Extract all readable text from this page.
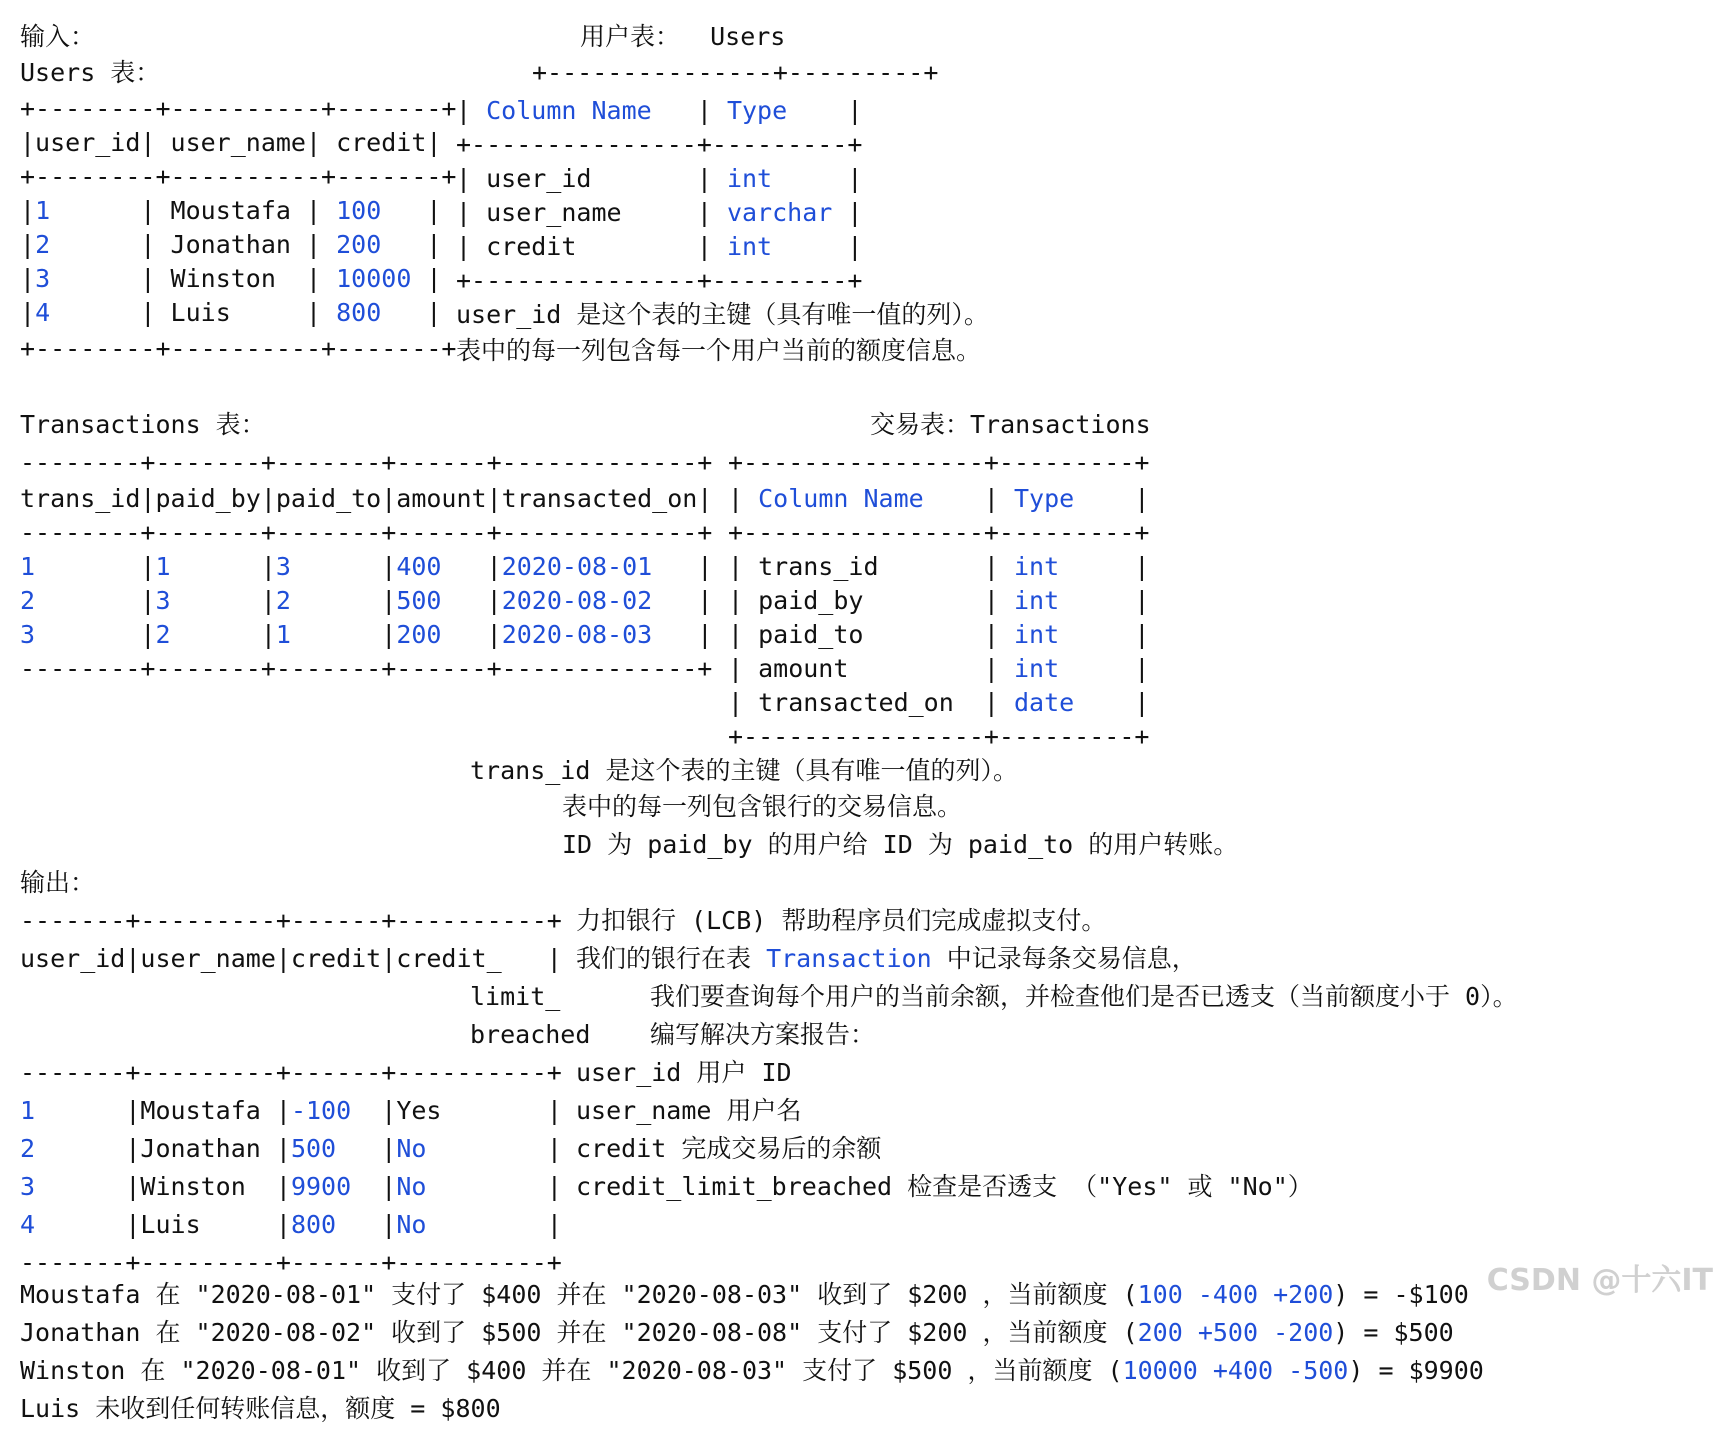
输入：

Users 表：

+--------+----------+-------+

|user_id| user_name| credit|

+--------+----------+-------+

|1      | Moustafa | 100   |

|2      | Jonathan | 200   |

|3      | Winston  | 10000 |

|4      | Luis     | 800   |

+--------+----------+-------+

用户表：  Users

+---------------+---------+

| Column Name   | Type    |

+---------------+---------+

| user_id       | int     |

| user_name     | varchar |

| credit        | int     |

+---------------+---------+

user_id 是这个表的主键（具有唯一值的列）。

表中的每一列包含每一个用户当前的额度信息。

Transactions 表：	交易表：Transactions

--------+-------+-------+------+-------------+

trans_id|paid_by|paid_to|amount|transacted_on|

--------+-------+-------+------+-------------+

1       |1      |3      |400   |2020-08-01   |

2       |3      |2      |500   |2020-08-02   |

3       |2      |1      |200   |2020-08-03   |

--------+-------+-------+------+-------------+

+----------------+---------+

| Column Name    | Type    |

+----------------+---------+

| trans_id       | int     |

| paid_by        | int     |

| paid_to        | int     |

| amount         | int     |

| transacted_on  | date    |

+----------------+---------+

trans_id 是这个表的主键（具有唯一值的列）。

表中的每一列包含银行的交易信息。

ID 为 paid_by 的用户给 ID 为 paid_to 的用户转账。

输出：

-------+---------+------+----------+

user_id|user_name|credit|credit_   |

limit_

breached

-------+---------+------+----------+

1      |Moustafa |-100  |Yes       |

2      |Jonathan |500   |No        |

3      |Winston  |9900  |No        |

4      |Luis     |800   |No        |

-------+---------+------+----------+

力扣银行 (LCB) 帮助程序员们完成虚拟支付。

我们的银行在表 Transaction 中记录每条交易信息，

我们要查询每个用户的当前余额，并检查他们是否已透支（当前额度小于 0）。

编写解决方案报告：

user_id 用户 ID

user_name 用户名

credit 完成交易后的余额

credit_limit_breached 检查是否透支 （"Yes" 或 "No"）

Moustafa 在 "2020-08-01" 支付了 $400 并在 "2020-08-03" 收到了 $200 ，当前额度 (100 -400 +200) = -$100

Jonathan 在 "2020-08-02" 收到了 $500 并在 "2020-08-08" 支付了 $200 ，当前额度 (200 +500 -200) = $500

Winston 在 "2020-08-01" 收到了 $400 并在 "2020-08-03" 支付了 $500 ，当前额度 (10000 +400 -500) = $9900

Luis 未收到任何转账信息，额度 = $800

CSDN @十六IT
